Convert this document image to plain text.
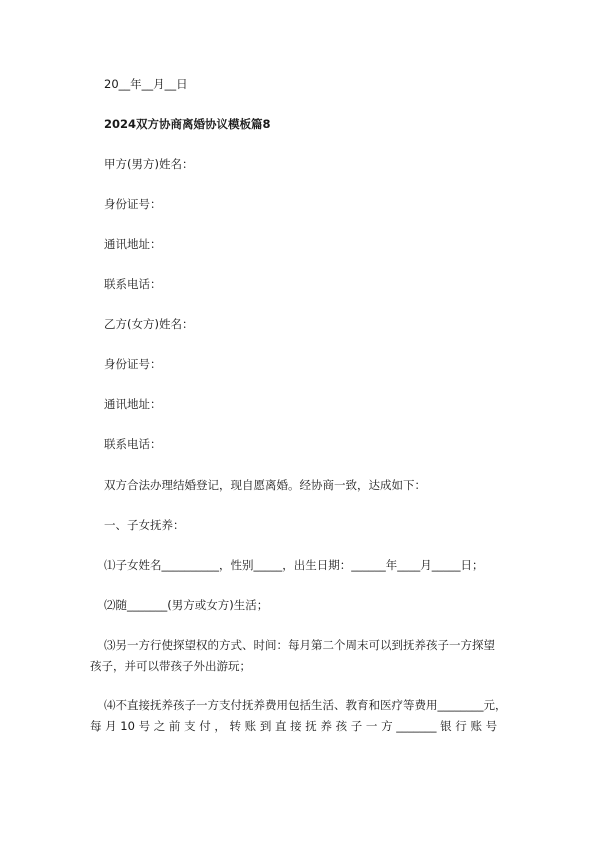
20__年__月__日
2024双方协商离婚协议模板篇8
甲方(男方)姓名：
身份证号：
通讯地址：
联系电话：
乙方(女方)姓名：
身份证号：
通讯地址：
联系电话：
双方合法办理结婚登记，现自愿离婚。经协商一致，达成如下：
一、子女抚养：
⑴子女姓名__________，性别_____，出生日期：______年____月_____日；
⑵随_______(男方或女方)生活；
⑶另一方行使探望权的方式、时间：每月第二个周末可以到抚养孩子一方探望
孩子，并可以带孩子外出游玩；
⑷不直接抚养孩子一方支付抚养费用包括生活、教育和医疗等费用________元，
每 月 10 号 之 前 支 付 ， 转 账 到 直 接 抚 养 孩 子 一 方 _______ 银 行 账 号
